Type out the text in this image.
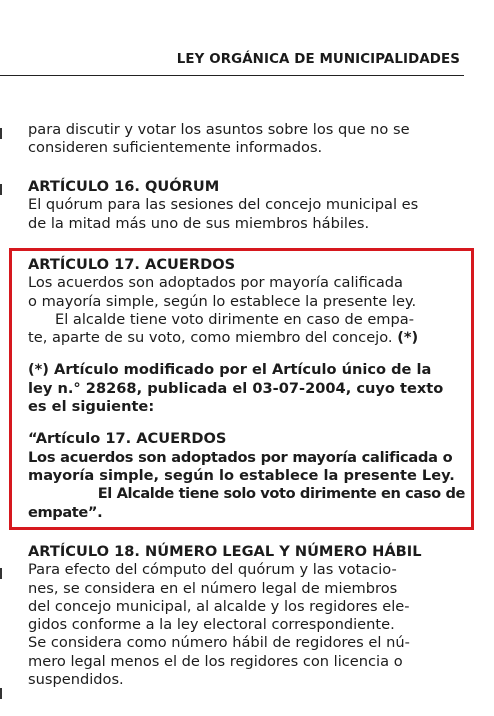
LEY ORGÁNICA DE MUNICIPALIDADES
para discutir y votar los asuntos sobre los que no se
consideren suficientemente informados.
ARTÍCULO 16. QUÓRUM
El quórum para las sesiones del concejo municipal es
de la mitad más uno de sus miembros hábiles.
ARTÍCULO 17. ACUERDOS
Los acuerdos son adoptados por mayoría calificada
o mayoría simple, según lo establece la presente ley.
El alcalde tiene voto dirimente en caso de empa-
te, aparte de su voto, como miembro del concejo. (*)
(*) Artículo modificado por el Artículo único de la
ley n.° 28268, publicada el 03-07-2004, cuyo texto
es el siguiente:
“Artículo 17. ACUERDOS
Los acuerdos son adoptados por mayoría calificada o
mayoría simple, según lo establece la presente Ley.
El Alcalde tiene solo voto dirimente en caso de empate”.
ARTÍCULO 18. NÚMERO LEGAL Y NÚMERO HÁBIL
Para efecto del cómputo del quórum y las votacio-
nes, se considera en el número legal de miembros
del concejo municipal, al alcalde y los regidores ele-
gidos conforme a la ley electoral correspondiente.
Se considera como número hábil de regidores el nú-
mero legal menos el de los regidores con licencia o
suspendidos.
